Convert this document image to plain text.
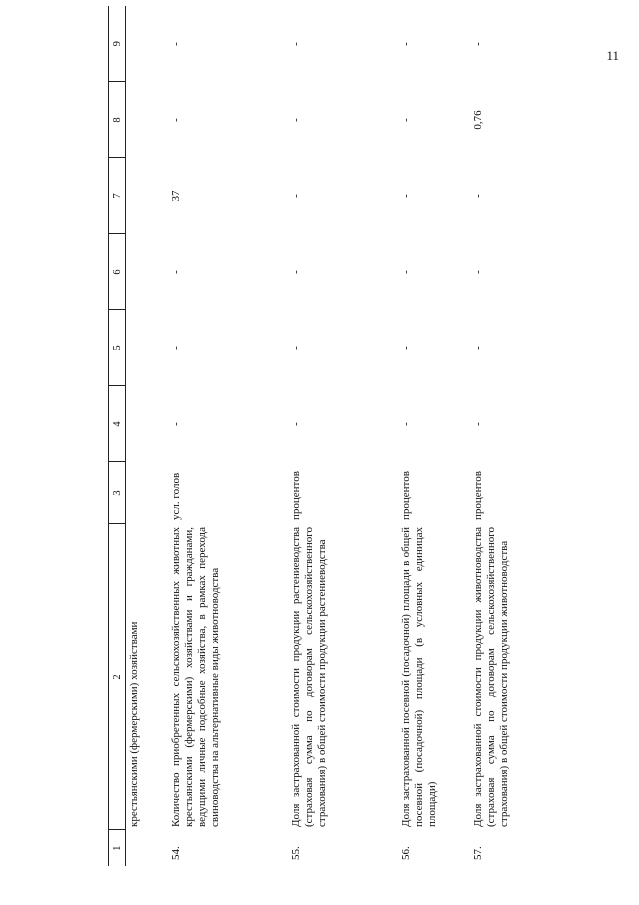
11
1	2	3	4	5	6	7	8	9
	крестьянскими (фермерскими) хозяйствами							
54.	Количество приобретенных сельскохозяйственных животных крестьянскими (фермерскими) хозяйствами и гражданами, ведущими личные подсобные хозяйства, в рамках перехода свиноводства на альтернативные виды животноводства	усл. голов	-	-	-	37	-	-
55.	Доля застрахованной стоимости продукции растениеводства (страховая сумма по договорам сельскохозяйственного страхования) в общей стоимости продукции растениеводства	процентов	-	-	-	-	-	-
56.	Доля застрахованной посевной (посадочной) площади в общей посевной (посадочной) площади (в условных единицах площади)	процентов	-	-	-	-	-	-
57.	Доля застрахованной стоимости продукции животноводства (страховая сумма по договорам сельскохозяйственного страхования) в общей стоимости продукции животноводства	процентов	-	-	-	-	0,76	-
